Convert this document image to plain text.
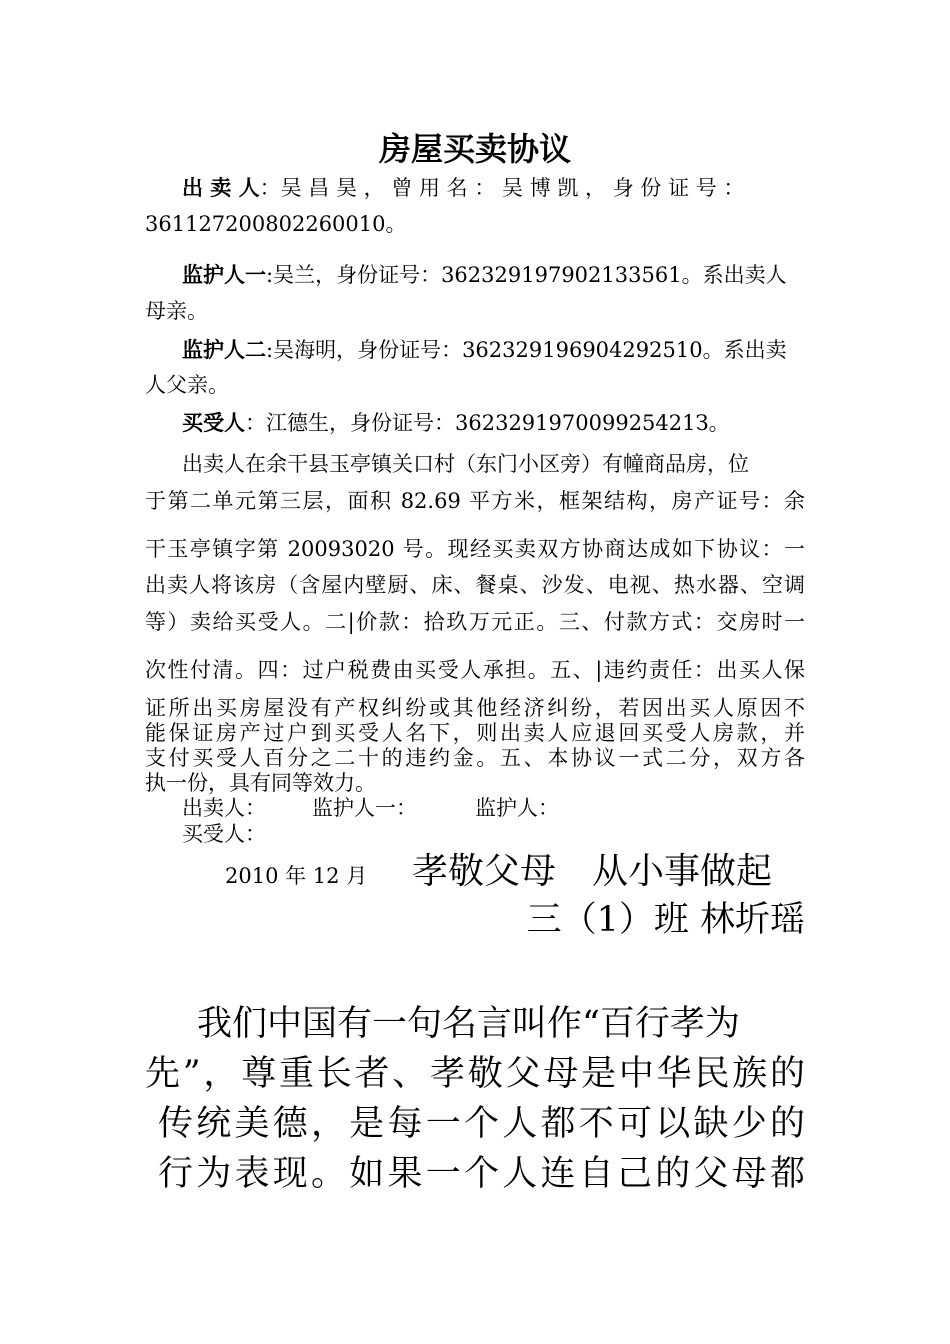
房屋买卖协议
出 卖 人：吴 昌 昊 ， 曾 用 名 ： 吴 博 凯 ， 身 份 证 号 ：
361127200802260010。
监护人一:吴兰，身份证号：362329197902133561。系出卖人
母亲。
监护人二:吴海明，身份证号：362329196904292510。系出卖
人父亲。
买受人：江德生，身份证号：362329197009925421З。
出卖人在余干县玉亭镇关口村（东门小区旁）有幢商品房，位
于第二单元第三层，面积 82.69 平方米，框架结构，房产证号：余
干玉亭镇字第 20093020 号。现经买卖双方协商达成如下协议：一
出卖人将该房（含屋内壁厨、床、餐桌、沙发、电视、热水器、空调
等）卖给买受人。二|价款：拾玖万元正。三、付款方式：交房时一
次性付清。四：过户税费由买受人承担。五、|违约责任：出买人保
证所出买房屋没有产权纠纷或其他经济纠纷，若因出买人原因不
能保证房产过户到买受人名下，则出卖人应退回买受人房款，并
支付买受人百分之二十的违约金。五、本协议一式二分，双方各
执一份，具有同等效力。
出卖人： 监护人一：	监护人：
买受人：
2010 年 12 月 孝敬父母　从小事做起
三（1）班 林圻瑶
我们中国有一句名言叫作“百行孝为
先”，尊重长者、孝敬父母是中华民族的
传统美德，是每一个人都不可以缺少的
行为表现。如果一个人连自己的父母都
